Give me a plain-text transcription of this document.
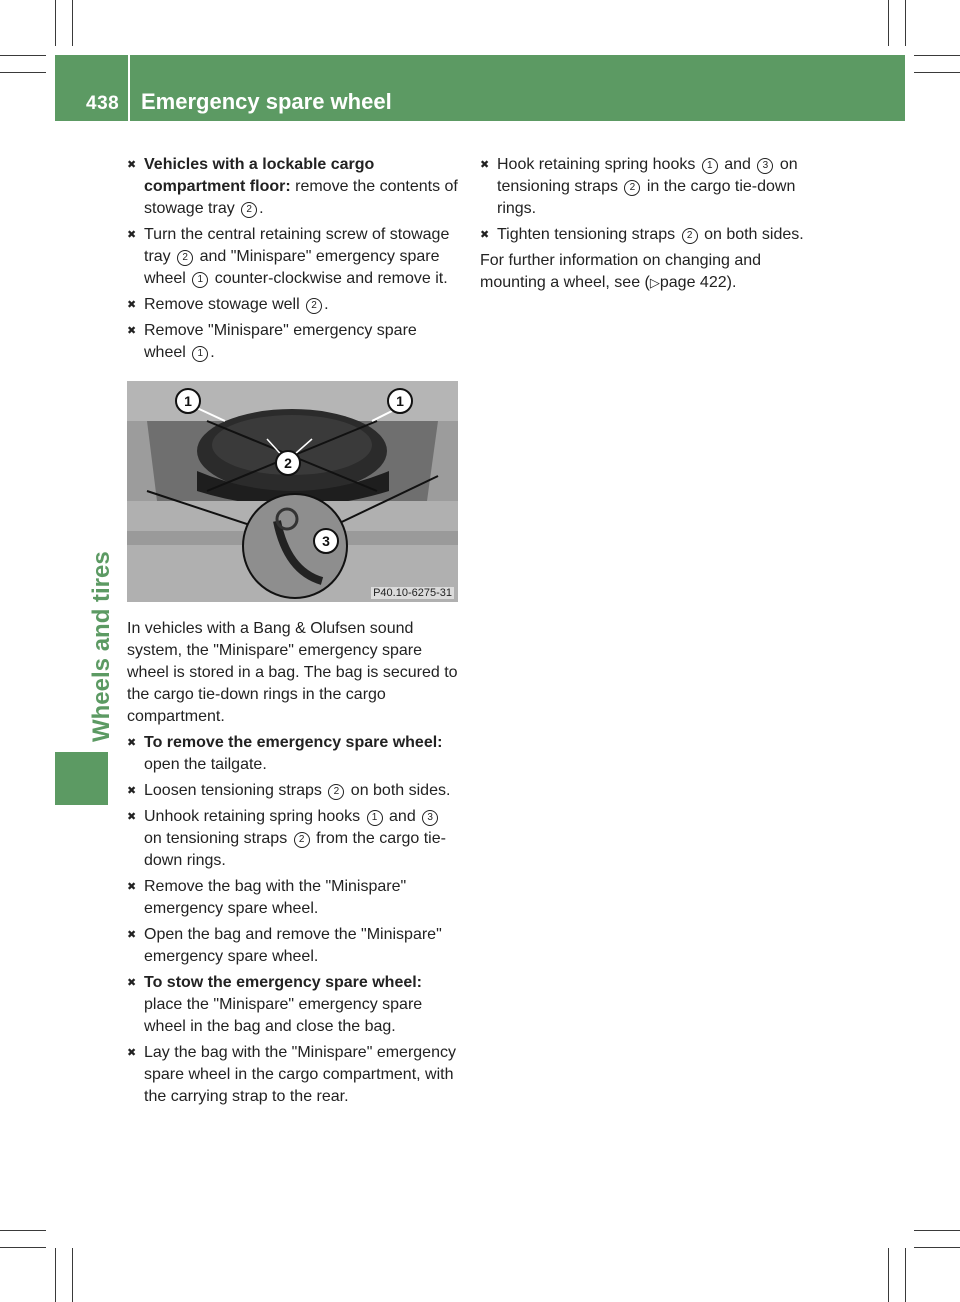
438 Emergency spare wheel
Wheels and tires
✖ Vehicles with a lockable cargo compartment floor: remove the contents of stowage tray 2 .
✖ Turn the central retaining screw of stowage tray 2 and "Minispare" emergency spare wheel 1 counter-clockwise and remove it.
✖ Remove stowage well 2 .
✖ Remove "Minispare" emergency spare wheel 1 .

In vehicles with a Bang & Olufsen sound system, the "Minispare" emergency spare wheel is stored in a bag. The bag is secured to the cargo tie-down rings in the cargo compartment.

✖ To remove the emergency spare wheel: open the tailgate.
✖ Loosen tensioning straps 2 on both sides.
✖ Unhook retaining spring hooks 1 and 3 on tensioning straps 2 from the cargo tie-down rings.
✖ Remove the bag with the "Minispare" emergency spare wheel.
✖ Open the bag and remove the "Minispare" emergency spare wheel.
✖ To stow the emergency spare wheel: place the "Minispare" emergency spare wheel in the bag and close the bag.
✖ Lay the bag with the "Minispare" emergency spare wheel in the cargo compartment, with the carrying strap to the rear.
1	1
2
3
P40.10-6275-31
✖ Hook retaining spring hooks 1 and 3 on tensioning straps 2 in the cargo tie-down rings.
✖ Tighten tensioning straps 2 on both sides.

For further information on changing and mounting a wheel, see (▷page 422).
